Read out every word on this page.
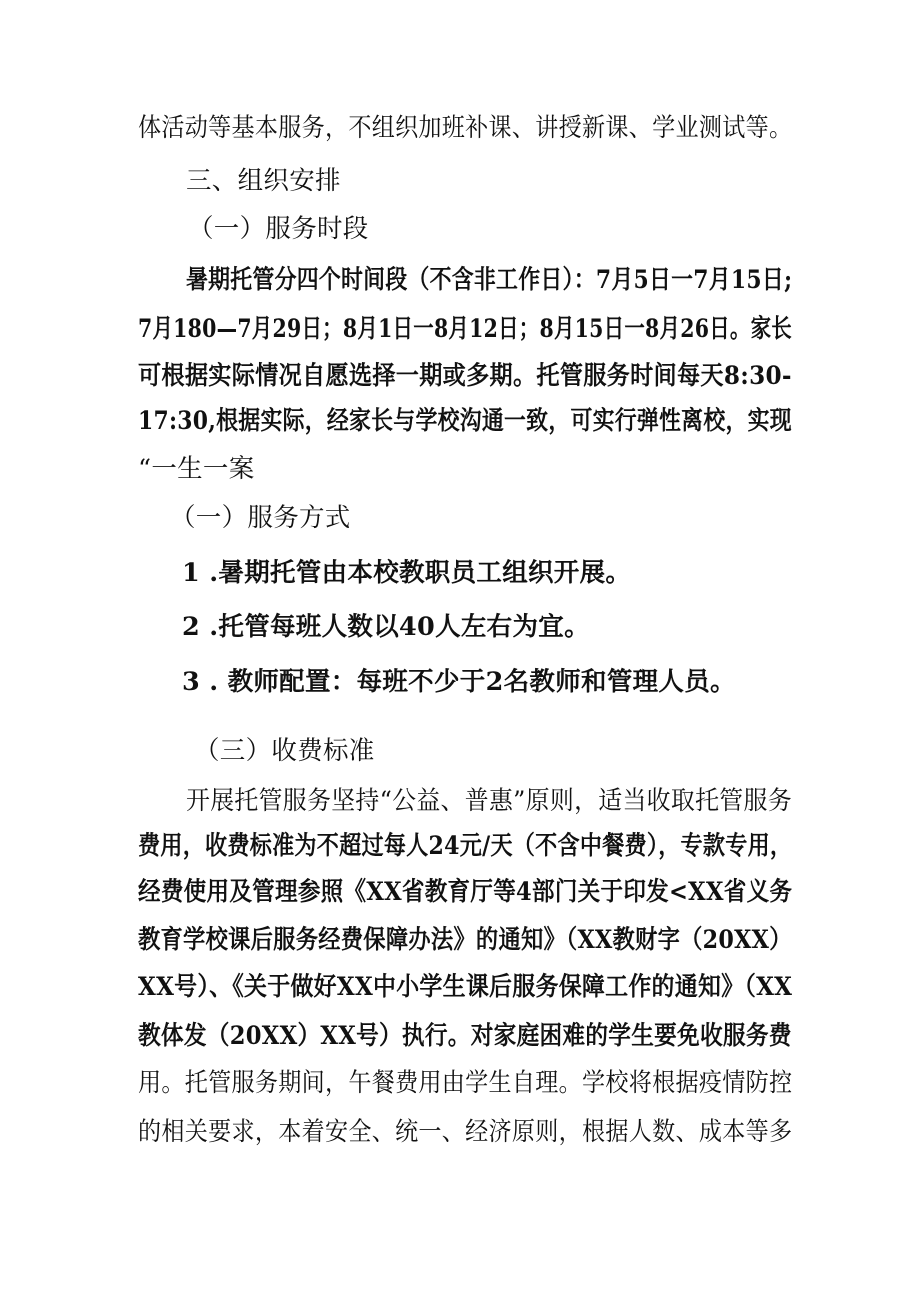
体活动等基本服务，不组织加班补课、讲授新课、学业测试等。
三、组织安排
（一）服务时段
暑期托管分四个时间段（不含非工作日）：7月5日一7月15日;
7月180—7月29日；8月1日一8月12日；8月15日一8月26日。家长
可根据实际情况自愿选择一期或多期。托管服务时间每天8:30-
17:30,根据实际，经家长与学校沟通一致，可实行弹性离校，实现
“一生一案
（一）服务方式
1 .暑期托管由本校教职员工组织开展。
2 .托管每班人数以40人左右为宜。
3 . 教师配置：每班不少于2名教师和管理人员。
（三）收费标准
开展托管服务坚持“公益、普惠”原则，适当收取托管服务
费用，收费标准为不超过每人24元/天（不含中餐费），专款专用，
经费使用及管理参照《XX省教育厅等4部门关于印发<XX省义务
教育学校课后服务经费保障办法》的通知》（XX教财字（20XX）
XX号）、《关于做好XX中小学生课后服务保障工作的通知》（XX
教体发（20XX）XX号）执行。对家庭困难的学生要免收服务费
用。托管服务期间，午餐费用由学生自理。学校将根据疫情防控
的相关要求，本着安全、统一、经济原则，根据人数、成本等多
